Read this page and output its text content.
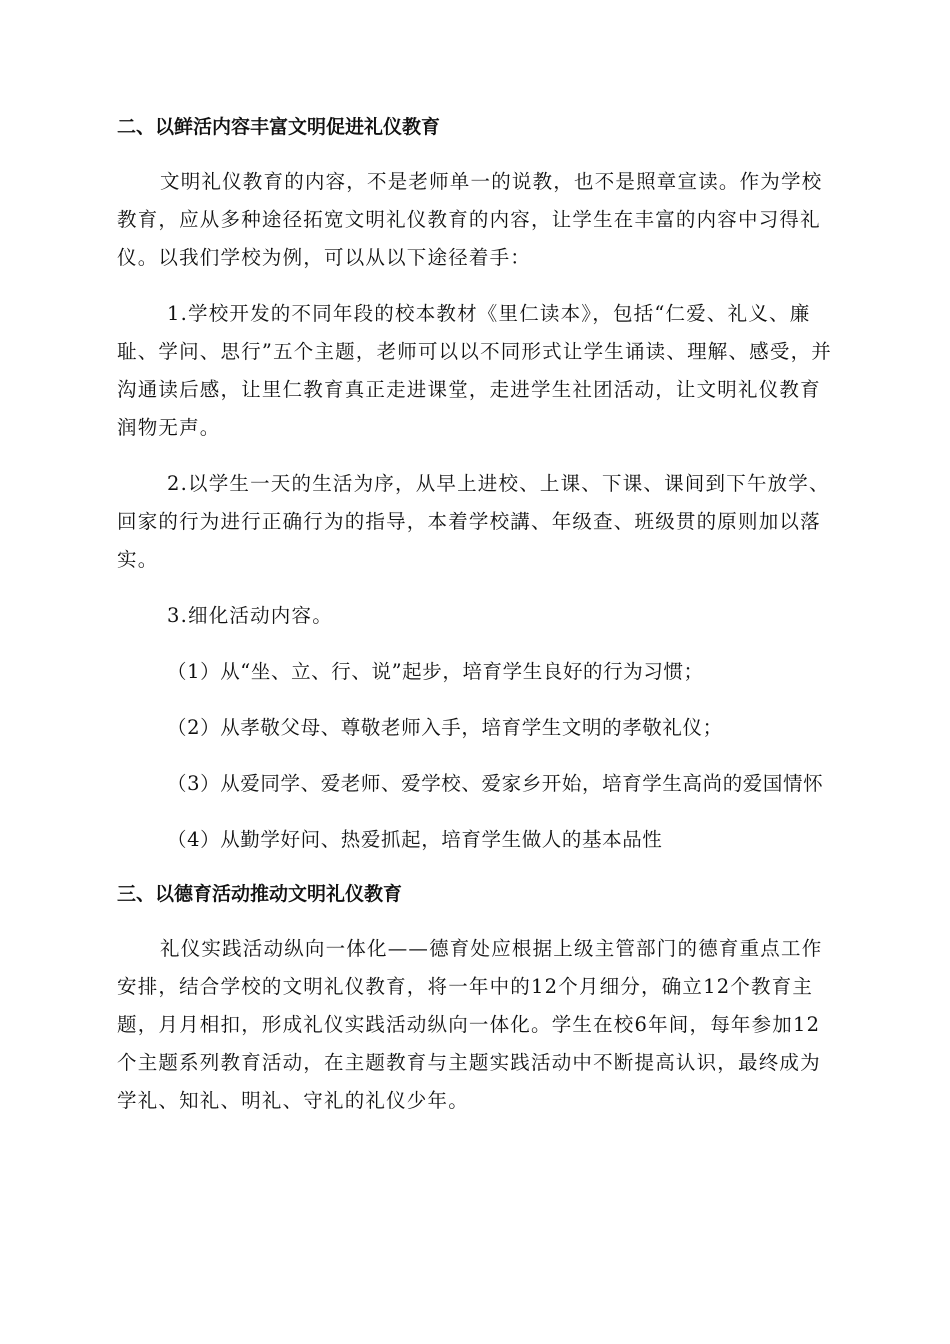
二、以鲜活内容丰富文明促进礼仪教育

文明礼仪教育的内容，不是老师单一的说教，也不是照章宣读。作为学校教育，应从多种途径拓宽文明礼仪教育的内容，让学生在丰富的内容中习得礼仪。以我们学校为例，可以从以下途径着手：

1.学校开发的不同年段的校本教材《里仁读本》，包括“仁爱、礼义、廉耻、学问、思行”五个主题，老师可以以不同形式让学生诵读、理解、感受，并沟通读后感，让里仁教育真正走进课堂，走进学生社团活动，让文明礼仪教育润物无声。

2.以学生一天的生活为序，从早上进校、上课、下课、课间到下午放学、回家的行为进行正确行为的指导，本着学校講、年级查、班级贯的原则加以落实。

3.细化活动内容。

（1）从“坐、立、行、说”起步，培育学生良好的行为习惯；

（2）从孝敬父母、尊敬老师入手，培育学生文明的孝敬礼仪；

（3）从爱同学、爱老师、爱学校、爱家乡开始，培育学生高尚的爱国情怀

（4）从勤学好问、热爱抓起，培育学生做人的基本品性

三、以德育活动推动文明礼仪教育

礼仪实践活动纵向一体化——德育处应根据上级主管部门的德育重点工作安排，结合学校的文明礼仪教育，将一年中的12个月细分，确立12个教育主题，月月相扣，形成礼仪实践活动纵向一体化。学生在校6年间，每年参加12个主题系列教育活动，在主题教育与主题实践活动中不断提高认识，最终成为学礼、知礼、明礼、守礼的礼仪少年。
